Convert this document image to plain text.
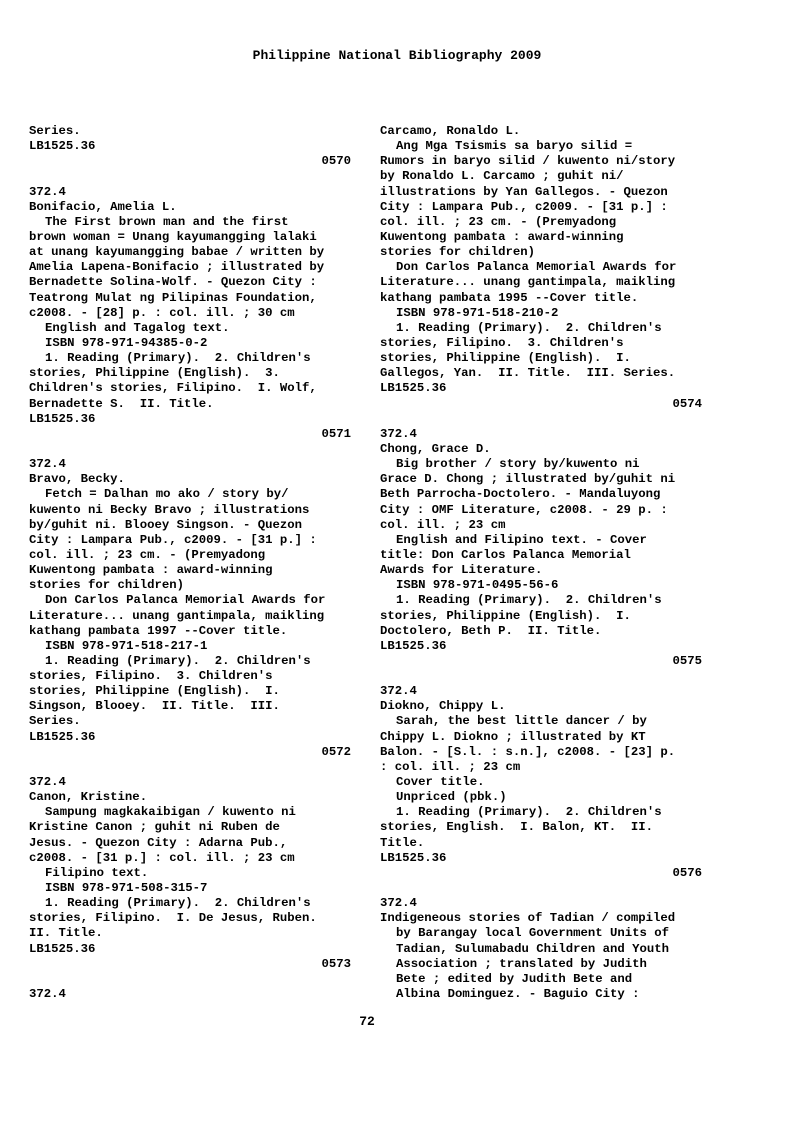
Philippine National Bibliography 2009
Series.
LB1525.36
0570
372.4
Bonifacio, Amelia L.
The First brown man and the first
brown woman = Unang kayumangging lalaki
at unang kayumangging babae / written by
Amelia Lapena-Bonifacio ; illustrated by
Bernadette Solina-Wolf. - Quezon City :
Teatrong Mulat ng Pilipinas Foundation,
c2008. - [28] p. : col. ill. ; 30 cm
English and Tagalog text.
ISBN 978-971-94385-0-2
1. Reading (Primary).  2. Children's
stories, Philippine (English).  3.
Children's stories, Filipino.  I. Wolf,
Bernadette S.  II. Title.
LB1525.36
0571
372.4
Bravo, Becky.
Fetch = Dalhan mo ako / story by/
kuwento ni Becky Bravo ; illustrations
by/guhit ni. Blooey Singson. - Quezon
City : Lampara Pub., c2009. - [31 p.] :
col. ill. ; 23 cm. - (Premyadong
Kuwentong pambata : award-winning
stories for children)
Don Carlos Palanca Memorial Awards for
Literature... unang gantimpala, maikling
kathang pambata 1997 --Cover title.
ISBN 978-971-518-217-1
1. Reading (Primary).  2. Children's
stories, Filipino.  3. Children's
stories, Philippine (English).  I.
Singson, Blooey.  II. Title.  III.
Series.
LB1525.36
0572
372.4
Canon, Kristine.
Sampung magkakaibigan / kuwento ni
Kristine Canon ; guhit ni Ruben de
Jesus. - Quezon City : Adarna Pub.,
c2008. - [31 p.] : col. ill. ; 23 cm
Filipino text.
ISBN 978-971-508-315-7
1. Reading (Primary).  2. Children's
stories, Filipino.  I. De Jesus, Ruben.
II. Title.
LB1525.36
0573
372.4
Carcamo, Ronaldo L.
Ang Mga Tsismis sa baryo silid =
Rumors in baryo silid / kuwento ni/story
by Ronaldo L. Carcamo ; guhit ni/
illustrations by Yan Gallegos. - Quezon
City : Lampara Pub., c2009. - [31 p.] :
col. ill. ; 23 cm. - (Premyadong
Kuwentong pambata : award-winning
stories for children)
Don Carlos Palanca Memorial Awards for
Literature... unang gantimpala, maikling
kathang pambata 1995 --Cover title.
ISBN 978-971-518-210-2
1. Reading (Primary).  2. Children's
stories, Filipino.  3. Children's
stories, Philippine (English).  I.
Gallegos, Yan.  II. Title.  III. Series.
LB1525.36
0574
372.4
Chong, Grace D.
Big brother / story by/kuwento ni
Grace D. Chong ; illustrated by/guhit ni
Beth Parrocha-Doctolero. - Mandaluyong
City : OMF Literature, c2008. - 29 p. :
col. ill. ; 23 cm
English and Filipino text. - Cover
title: Don Carlos Palanca Memorial
Awards for Literature.
ISBN 978-971-0495-56-6
1. Reading (Primary).  2. Children's
stories, Philippine (English).  I.
Doctolero, Beth P.  II. Title.
LB1525.36
0575
372.4
Diokno, Chippy L.
Sarah, the best little dancer / by
Chippy L. Diokno ; illustrated by KT
Balon. - [S.l. : s.n.], c2008. - [23] p.
: col. ill. ; 23 cm
Cover title.
Unpriced (pbk.)
1. Reading (Primary).  2. Children's
stories, English.  I. Balon, KT.  II.
Title.
LB1525.36
0576
372.4
Indigeneous stories of Tadian / compiled
by Barangay local Government Units of
Tadian, Sulumabadu Children and Youth
Association ; translated by Judith
Bete ; edited by Judith Bete and
Albina Dominguez. - Baguio City :
72
